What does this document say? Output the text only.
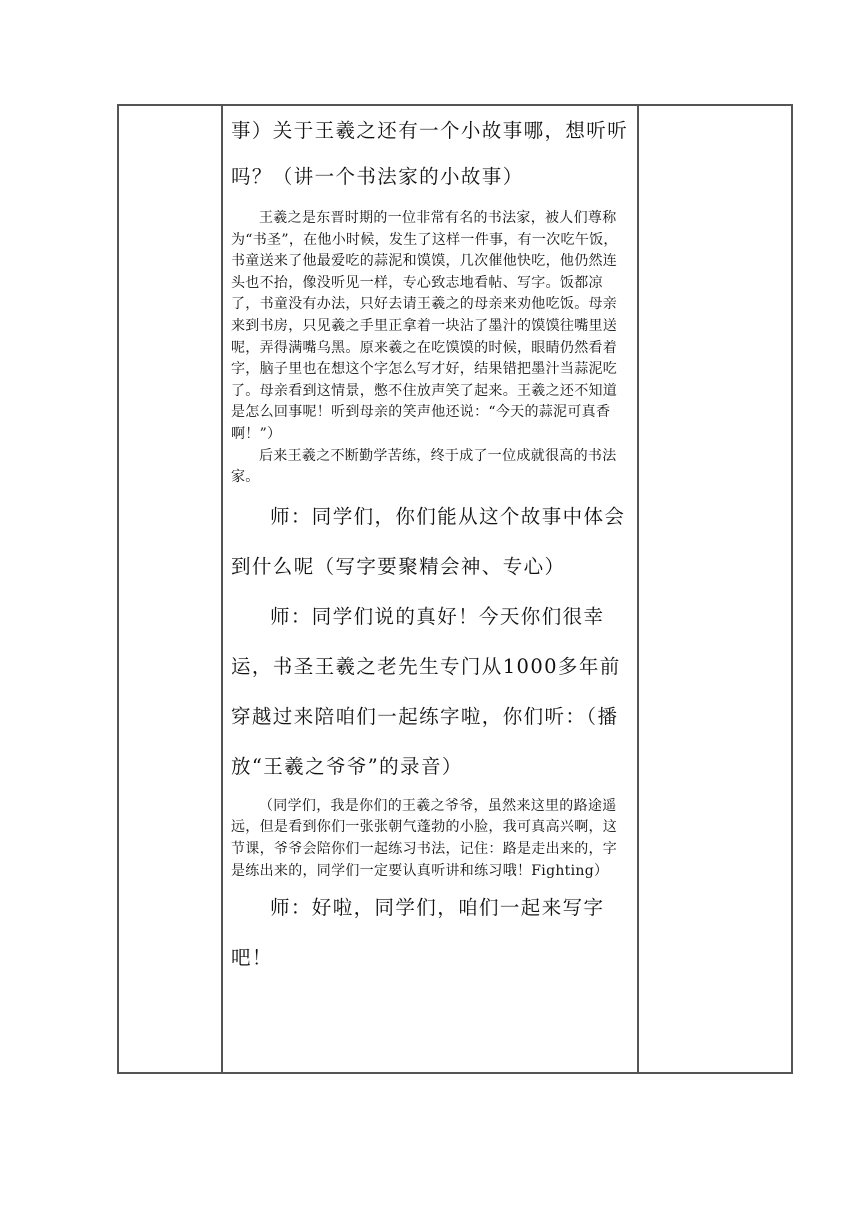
事）关于王羲之还有一个小故事哪，想听听

吗？（讲一个书法家的小故事）

王羲之是东晋时期的一位非常有名的书法家，被人们尊称为“书圣”，在他小时候，发生了这样一件事，有一次吃午饭，书童送来了他最爱吃的蒜泥和馍馍，几次催他快吃，他仍然连头也不抬，像没听见一样，专心致志地看帖、写字。饭都凉了，书童没有办法，只好去请王羲之的母亲来劝他吃饭。母亲来到书房，只见羲之手里正拿着一块沾了墨汁的馍馍往嘴里送呢，弄得满嘴乌黑。原来羲之在吃馍馍的时候，眼睛仍然看着字，脑子里也在想这个字怎么写才好，结果错把墨汁当蒜泥吃了。母亲看到这情景，憋不住放声笑了起来。王羲之还不知道是怎么回事呢！听到母亲的笑声他还说：“今天的蒜泥可真香啊！”）

后来王羲之不断勤学苦练，终于成了一位成就很高的书法家。

师：同学们，你们能从这个故事中体会到什么呢（写字要聚精会神、专心）

师：同学们说的真好！今天你们很幸运，书圣王羲之老先生专门从1000多年前穿越过来陪咱们一起练字啦，你们听：（播放“王羲之爷爷”的录音）

（同学们，我是你们的王羲之爷爷，虽然来这里的路途遥远，但是看到你们一张张朝气蓬勃的小脸，我可真高兴啊，这节课，爷爷会陪你们一起练习书法，记住：路是走出来的，字是练出来的，同学们一定要认真听讲和练习哦！Fighting）

师：好啦，同学们，咱们一起来写字吧！
